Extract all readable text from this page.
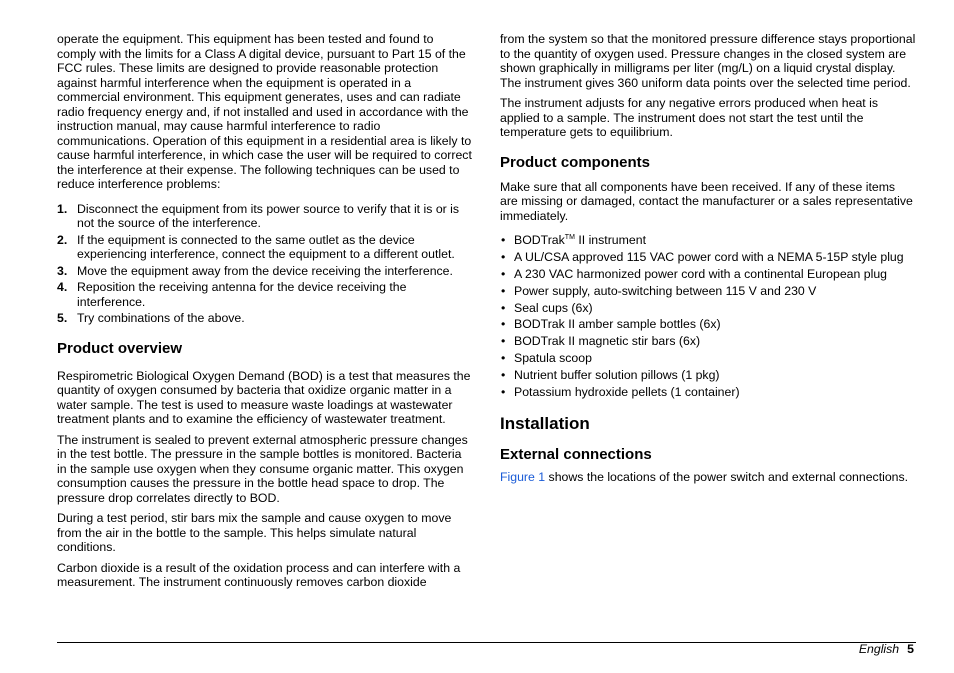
operate the equipment. This equipment has been tested and found to comply with the limits for a Class A digital device, pursuant to Part 15 of the FCC rules. These limits are designed to provide reasonable protection against harmful interference when the equipment is operated in a commercial environment. This equipment generates, uses and can radiate radio frequency energy and, if not installed and used in accordance with the instruction manual, may cause harmful interference to radio communications. Operation of this equipment in a residential area is likely to cause harmful interference, in which case the user will be required to correct the interference at their expense. The following techniques can be used to reduce interference problems:

1. Disconnect the equipment from its power source to verify that it is or is not the source of the interference.
2. If the equipment is connected to the same outlet as the device experiencing interference, connect the equipment to a different outlet.
3. Move the equipment away from the device receiving the interference.
4. Reposition the receiving antenna for the device receiving the interference.
5. Try combinations of the above.
Product overview

Respirometric Biological Oxygen Demand (BOD) is a test that measures the quantity of oxygen consumed by bacteria that oxidize organic matter in a water sample. The test is used to measure waste loadings at wastewater treatment plants and to examine the efficiency of wastewater treatment.

The instrument is sealed to prevent external atmospheric pressure changes in the test bottle. The pressure in the sample bottles is monitored. Bacteria in the sample use oxygen when they consume organic matter. This oxygen consumption causes the pressure in the bottle head space to drop. The pressure drop correlates directly to BOD.

During a test period, stir bars mix the sample and cause oxygen to move from the air in the bottle to the sample. This helps simulate natural conditions.

Carbon dioxide is a result of the oxidation process and can interfere with a measurement. The instrument continuously removes carbon dioxide

from the system so that the monitored pressure difference stays proportional to the quantity of oxygen used. Pressure changes in the closed system are shown graphically in milligrams per liter (mg/L) on a liquid crystal display. The instrument gives 360 uniform data points over the selected time period.

The instrument adjusts for any negative errors produced when heat is applied to a sample. The instrument does not start the test until the temperature gets to equilibrium.

Product components

Make sure that all components have been received. If any of these items are missing or damaged, contact the manufacturer or a sales representative immediately.

• BODTrak™ II instrument
• A UL/CSA approved 115 VAC power cord with a NEMA 5-15P style plug
• A 230 VAC harmonized power cord with a continental European plug
• Power supply, auto-switching between 115 V and 230 V
• Seal cups (6x)
• BODTrak II amber sample bottles (6x)
• BODTrak II magnetic stir bars (6x)
• Spatula scoop
• Nutrient buffer solution pillows (1 pkg)
• Potassium hydroxide pellets (1 container)
Installation
External connections

Figure 1 shows the locations of the power switch and external connections.

English 5
